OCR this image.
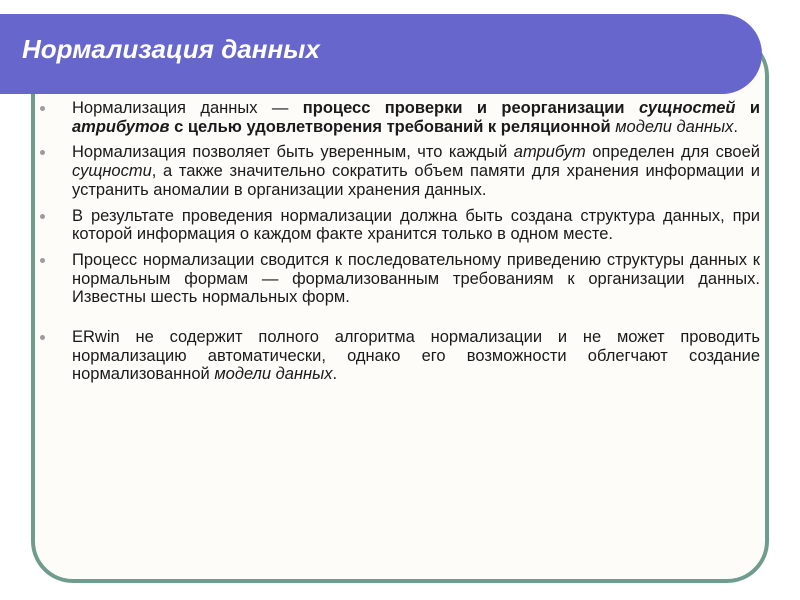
Нормализация данных
Нормализация данных — процесс проверки и реорганизации сущностей и атрибутов с целью удовлетворения требований к реляционной модели данных.
Нормализация позволяет быть уверенным, что каждый атрибут определен для своей сущности, а также значительно сократить объем памяти для хранения информации и устранить аномалии в организации хранения данных.
В результате проведения нормализации должна быть создана структура данных, при которой информация о каждом факте хранится только в одном месте.
Процесс нормализации сводится к последовательному приведению структуры данных к нормальным формам — формализованным требованиям к организации данных. Известны шесть нормальных форм.
ERwin не содержит полного алгоритма нормализации и не может проводить нормализацию автоматически, однако его возможности облегчают создание нормализованной модели данных.
